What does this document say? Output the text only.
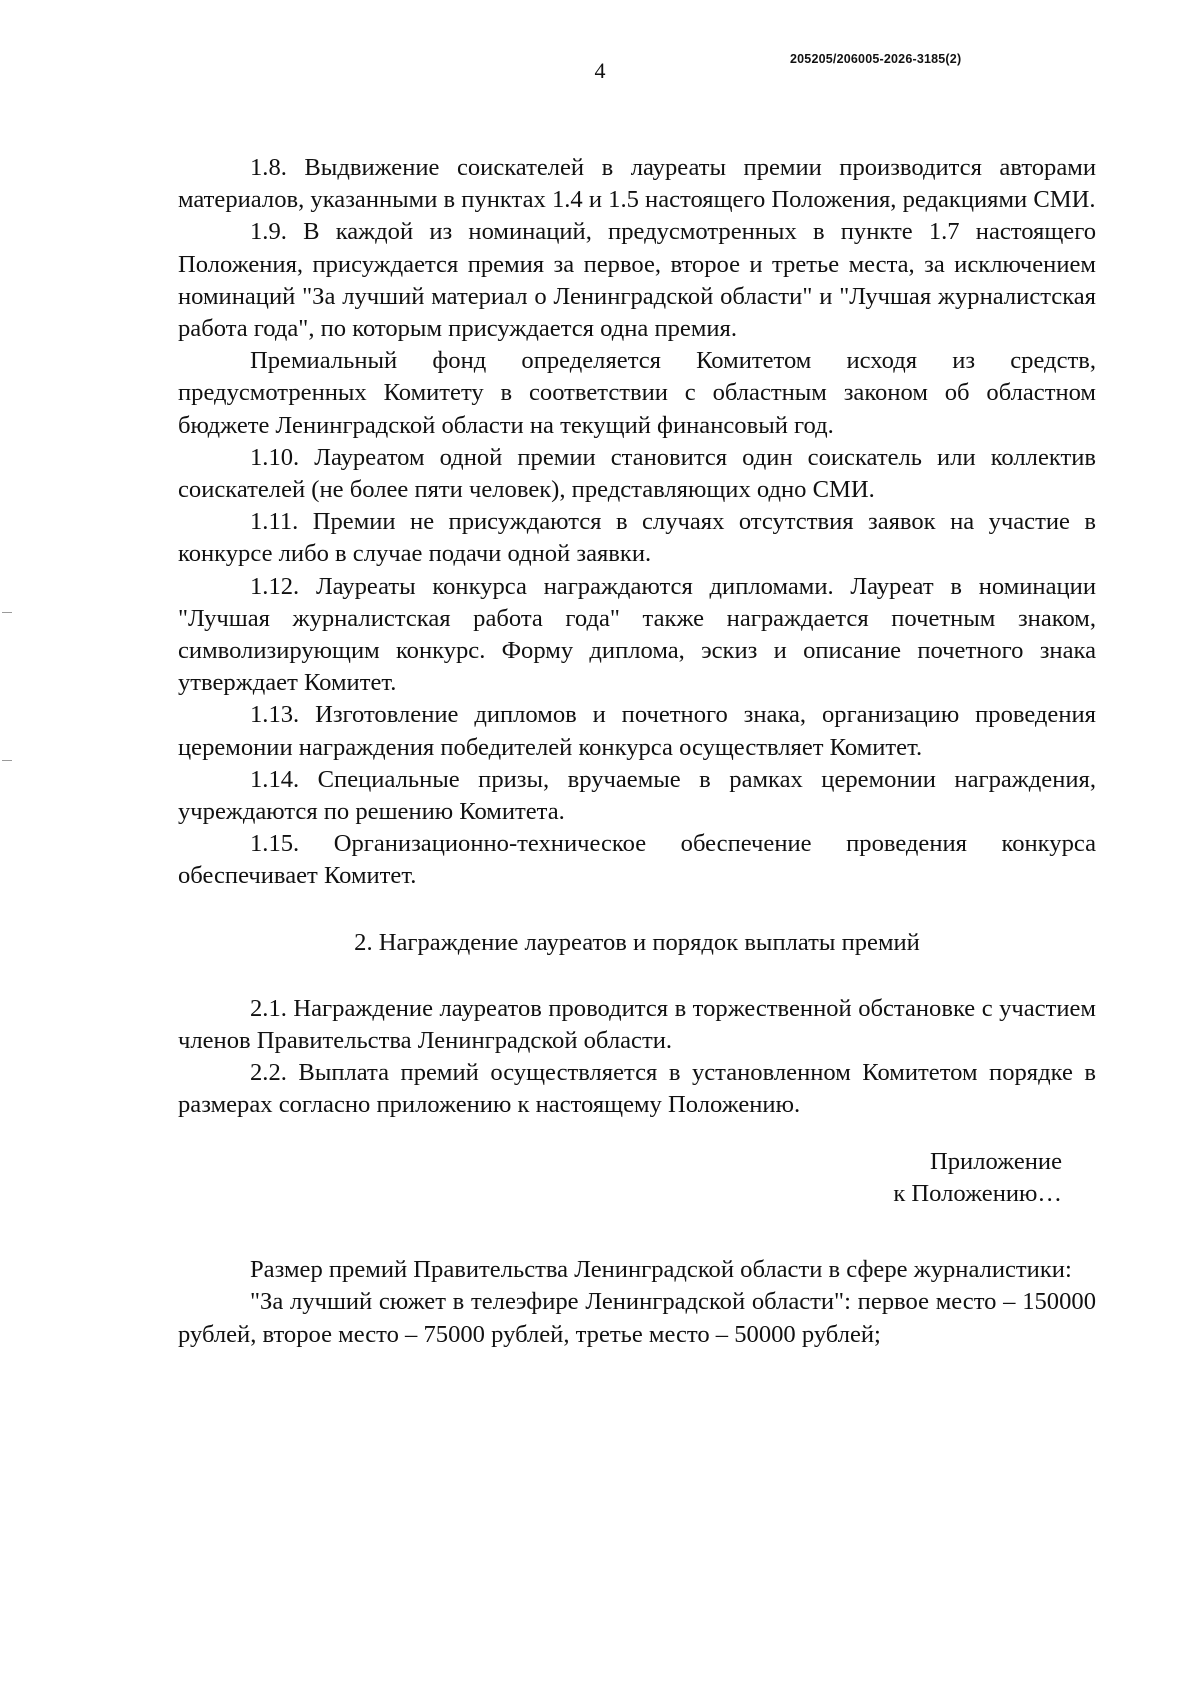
4	205205/206005-2026-3185(2)

1.8. Выдвижение соискателей в лауреаты премии производится авторами материалов, указанными в пунктах 1.4 и 1.5 настоящего Положения, редакциями СМИ.

1.9. В каждой из номинаций, предусмотренных в пункте 1.7 настоящего Положения, присуждается премия за первое, второе и третье места, за исключением номинаций "За лучший материал о Ленинградской области" и "Лучшая журналистская работа года", по которым присуждается одна премия.

Премиальный фонд определяется Комитетом исходя из средств, предусмотренных Комитету в соответствии с областным законом об областном бюджете Ленинградской области на текущий финансовый год.

1.10. Лауреатом одной премии становится один соискатель или коллектив соискателей (не более пяти человек), представляющих одно СМИ.

1.11. Премии не присуждаются в случаях отсутствия заявок на участие в конкурсе либо в случае подачи одной заявки.

1.12. Лауреаты конкурса награждаются дипломами. Лауреат в номинации "Лучшая журналистская работа года" также награждается почетным знаком, символизирующим конкурс. Форму диплома, эскиз и описание почетного знака утверждает Комитет.

1.13. Изготовление дипломов и почетного знака, организацию проведения церемонии награждения победителей конкурса осуществляет Комитет.

1.14. Специальные призы, вручаемые в рамках церемонии награждения, учреждаются по решению Комитета.

1.15. Организационно-техническое обеспечение проведения конкурса обеспечивает Комитет.

2. Награждение лауреатов и порядок выплаты премий

2.1. Награждение лауреатов проводится в торжественной обстановке с участием членов Правительства Ленинградской области.

2.2. Выплата премий осуществляется в установленном Комитетом порядке в размерах согласно приложению к настоящему Положению.

Приложение
к Положению…

Размер премий Правительства Ленинградской области в сфере журналистики:

"За лучший сюжет в телеэфире Ленинградской области": первое место – 150000 рублей, второе место – 75000 рублей, третье место – 50000 рублей;
